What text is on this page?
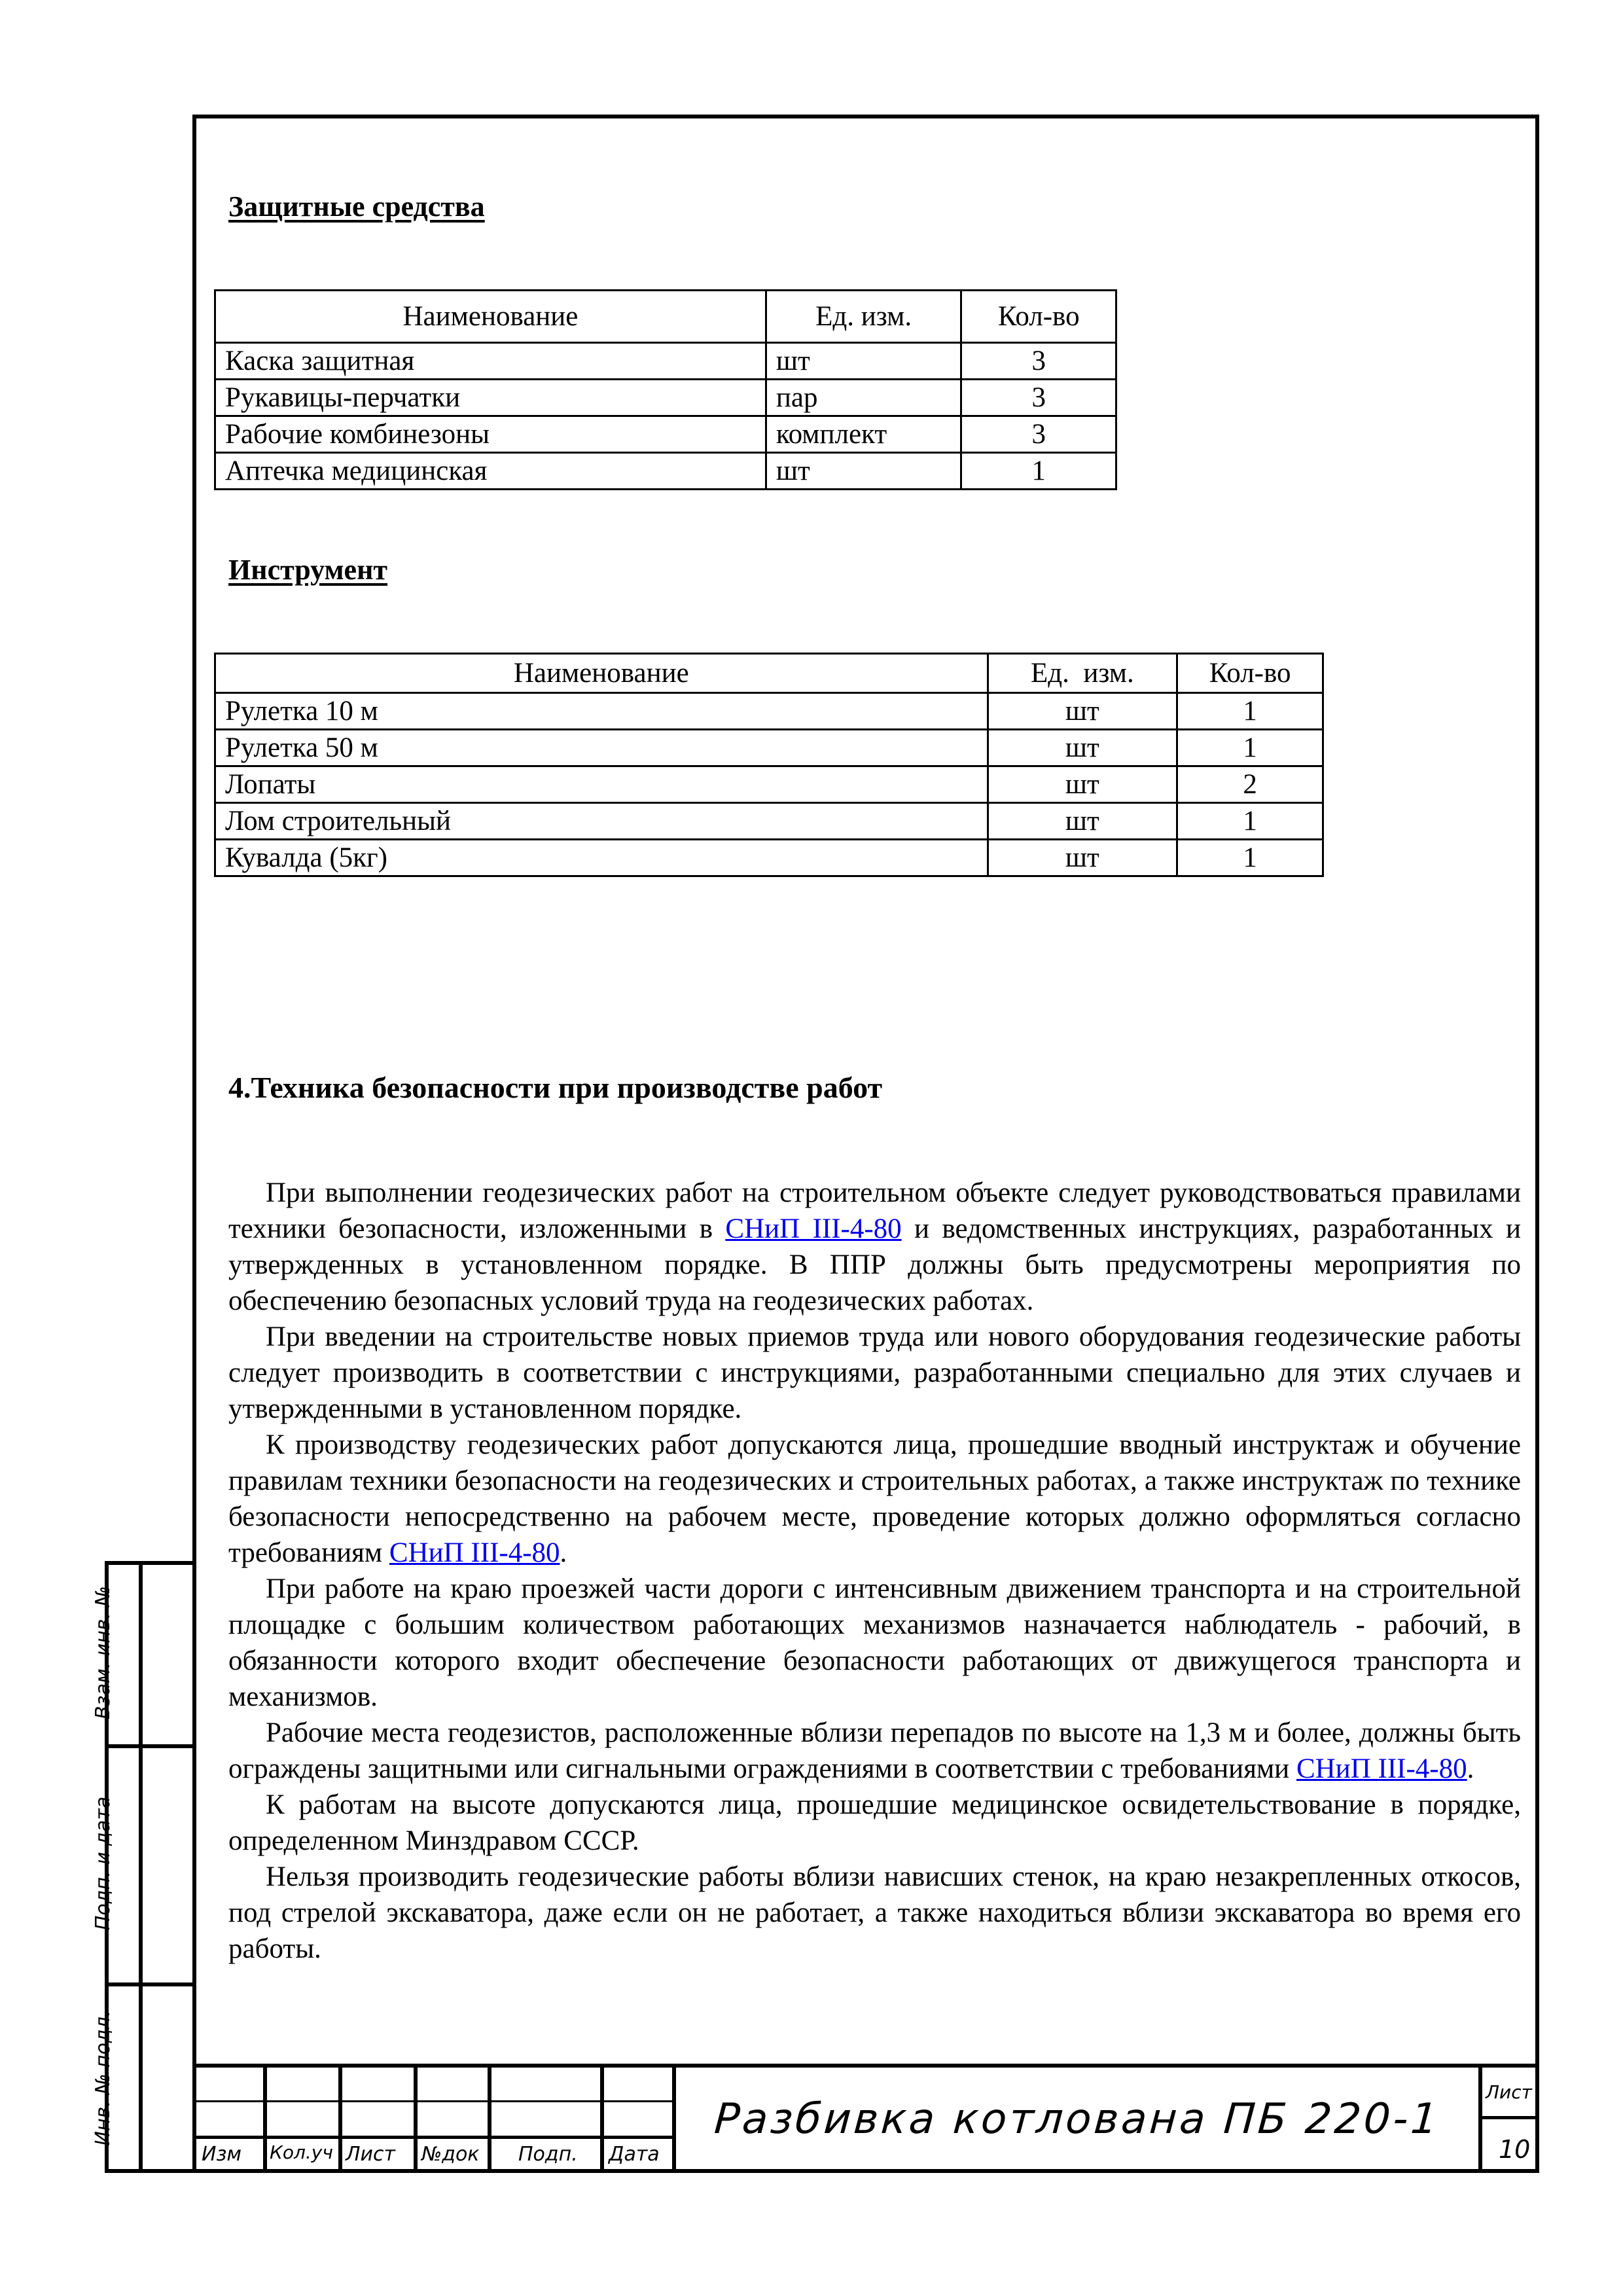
Защитные средства
Наименование	Ед. изм.	Кол-во
Каска защитная	шт	3
Рукавицы-перчатки	пар	3
Рабочие комбинезоны	комплект	3
Аптечка медицинская	шт	1
Инструмент
Наименование	Ед.  изм.	Кол-во
Рулетка 10 м	шт	1
Рулетка 50 м	шт	1
Лопаты	шт	2
Лом строительный	шт	1
Кувалда (5кг)	шт	1
4.Техника безопасности при производстве работ

При выполнении геодезических работ на строительном объекте следует руководствоваться правилами техники безопасности, изложенными в СНиП III-4-80 и ведомственных инструкциях, разработанных и утвержденных в установленном порядке. В ППР должны быть предусмотрены мероприятия по обеспечению безопасных условий труда на геодезических работах.

При введении на строительстве новых приемов труда или нового оборудования геодезические работы следует производить в соответствии с инструкциями, разработанными специально для этих случаев и утвержденными в установленном порядке.

К производству геодезических работ допускаются лица, прошедшие вводный инструктаж и обучение правилам техники безопасности на геодезических и строительных работах, а также инструктаж по технике безопасности непосредственно на рабочем месте, проведение которых должно оформляться согласно требованиям СНиП III-4-80.

При работе на краю проезжей части дороги с интенсивным движением транспорта и на строительной площадке с большим количеством работающих механизмов назначается наблюдатель - рабочий, в обязанности которого входит обеспечение безопасности работающих от движущегося транспорта и механизмов.

Рабочие места геодезистов, расположенные вблизи перепадов по высоте на 1,3 м и более, должны быть ограждены защитными или сигнальными ограждениями в соответствии с требованиями СНиП III-4-80.

К работам на высоте допускаются лица, прошедшие медицинское освидетельствование в порядке, определенном Минздравом СССР.

Нельзя производить геодезические работы вблизи нависших стенок, на краю незакрепленных откосов, под стрелой экскаватора, даже если он не работает, а также находиться вблизи экскаватора во время его работы.

Взам. инв. №
Подп. и дата
Инв. № подл.
Изм Кол.уч Лист №док Подп. Дата
Разбивка котлована ПБ 220-1
Лист
10
